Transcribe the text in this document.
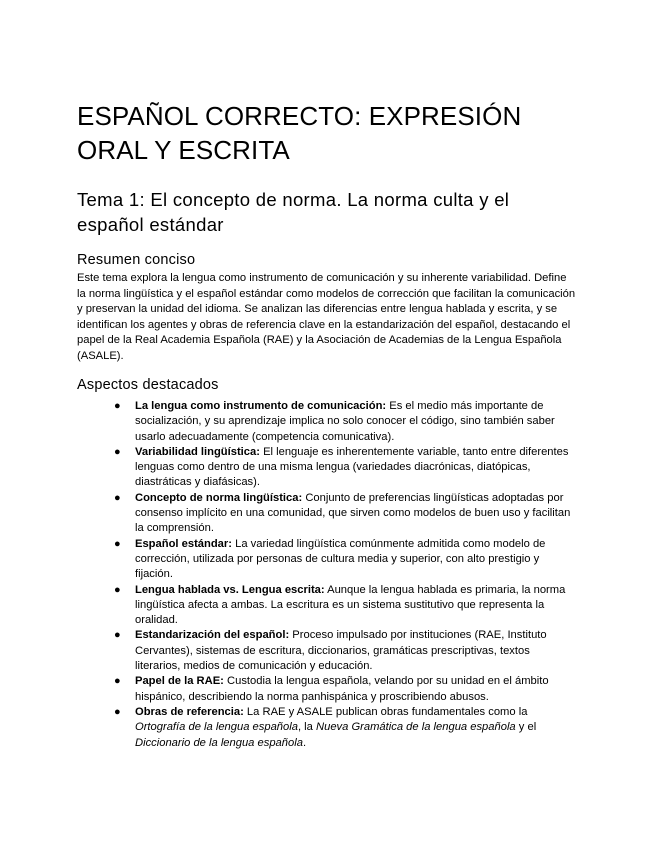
ESPAÑOL CORRECTO: EXPRESIÓN ORAL Y ESCRITA
Tema 1: El concepto de norma. La norma culta y el español estándar
Resumen conciso

Este tema explora la lengua como instrumento de comunicación y su inherente variabilidad. Define la norma lingüística y el español estándar como modelos de corrección que facilitan la comunicación y preservan la unidad del idioma. Se analizan las diferencias entre lengua hablada y escrita, y se identifican los agentes y obras de referencia clave en la estandarización del español, destacando el papel de la Real Academia Española (RAE) y la Asociación de Academias de la Lengua Española (ASALE).

Aspectos destacados
● La lengua como instrumento de comunicación: Es el medio más importante de socialización, y su aprendizaje implica no solo conocer el código, sino también saber usarlo adecuadamente (competencia comunicativa).
● Variabilidad lingüística: El lenguaje es inherentemente variable, tanto entre diferentes lenguas como dentro de una misma lengua (variedades diacrónicas, diatópicas, diastráticas y diafásicas).
● Concepto de norma lingüística: Conjunto de preferencias lingüísticas adoptadas por consenso implícito en una comunidad, que sirven como modelos de buen uso y facilitan la comprensión.
● Español estándar: La variedad lingüística comúnmente admitida como modelo de corrección, utilizada por personas de cultura media y superior, con alto prestigio y fijación.
● Lengua hablada vs. Lengua escrita: Aunque la lengua hablada es primaria, la norma lingüística afecta a ambas. La escritura es un sistema sustitutivo que representa la oralidad.
● Estandarización del español: Proceso impulsado por instituciones (RAE, Instituto Cervantes), sistemas de escritura, diccionarios, gramáticas prescriptivas, textos literarios, medios de comunicación y educación.
● Papel de la RAE: Custodia la lengua española, velando por su unidad en el ámbito hispánico, describiendo la norma panhispánica y proscribiendo abusos.
● Obras de referencia: La RAE y ASALE publican obras fundamentales como la Ortografía de la lengua española, la Nueva Gramática de la lengua española y el Diccionario de la lengua española.
